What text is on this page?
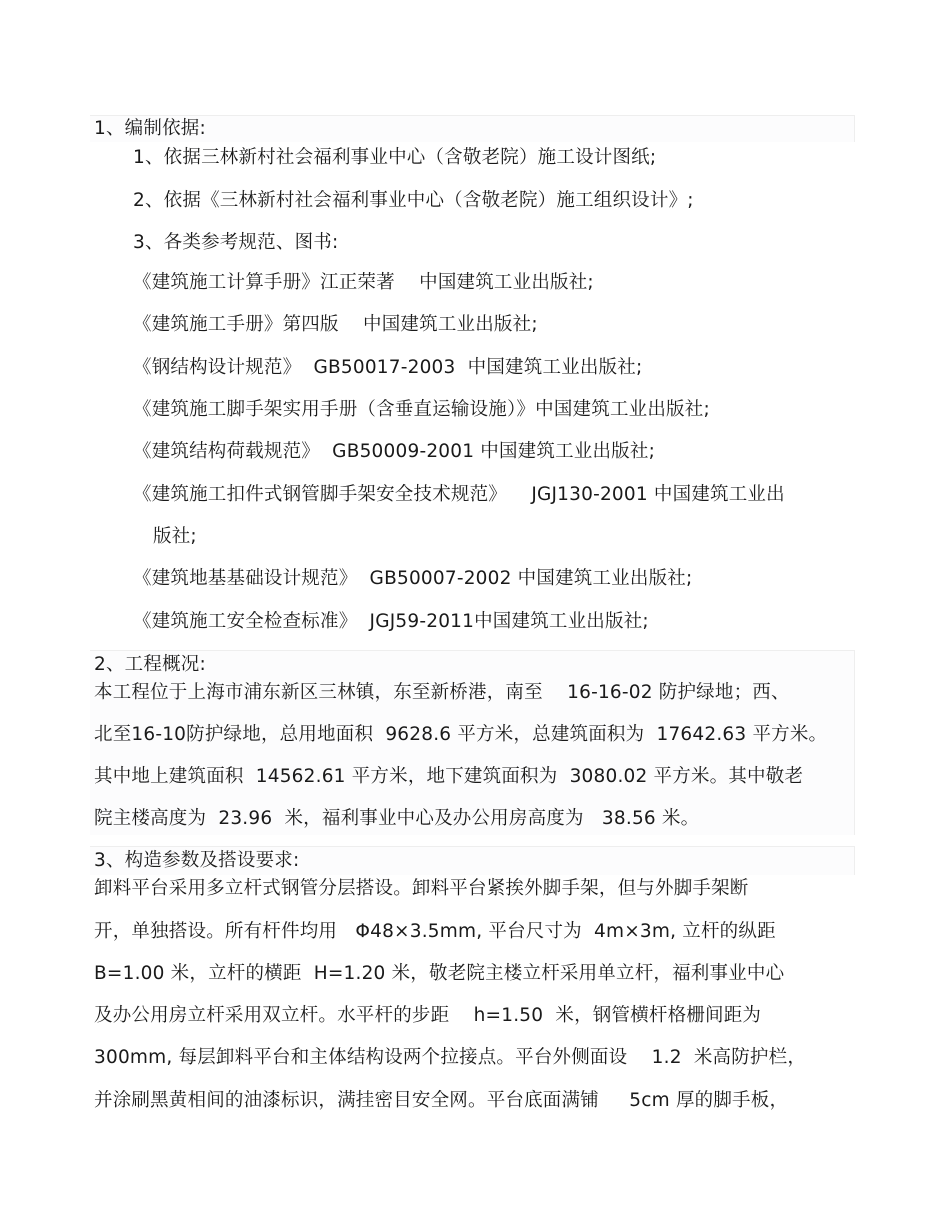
1、编制依据:
1、依据三林新村社会福利事业中心（含敬老院）施工设计图纸;
2、依据《三林新村社会福利事业中心（含敬老院）施工组织设计》;
3、各类参考规范、图书:
《建筑施工计算手册》江正荣著    中国建筑工业出版社;
《建筑施工手册》第四版    中国建筑工业出版社;
《钢结构设计规范》  GB50017-2003  中国建筑工业出版社;
《建筑施工脚手架实用手册（含垂直运输设施）》中国建筑工业出版社;
《建筑结构荷载规范》  GB50009-2001 中国建筑工业出版社;
《建筑施工扣件式钢管脚手架安全技术规范》    JGJ130-2001 中国建筑工业出
版社;
《建筑地基基础设计规范》  GB50007-2002 中国建筑工业出版社;
《建筑施工安全检查标准》  JGJ59-2011中国建筑工业出版社;
2、工程概况:
本工程位于上海市浦东新区三林镇，东至新桥港，南至    16-16-02 防护绿地；西、
北至16-10防护绿地，总用地面积  9628.6 平方米，总建筑面积为  17642.63 平方米。
其中地上建筑面积  14562.61 平方米，地下建筑面积为  3080.02 平方米。其中敬老
院主楼高度为  23.96  米，福利事业中心及办公用房高度为   38.56 米。
3、构造参数及搭设要求:
卸料平台采用多立杆式钢管分层搭设。卸料平台紧挨外脚手架，但与外脚手架断
开，单独搭设。所有杆件均用   Φ48×3.5mm, 平台尺寸为  4m×3m, 立杆的纵距
B=1.00 米，立杆的横距  H=1.20 米，敬老院主楼立杆采用单立杆，福利事业中心
及办公用房立杆采用双立杆。水平杆的步距    h=1.50  米，钢管横杆格栅间距为
300mm, 每层卸料平台和主体结构设两个拉接点。平台外侧面设    1.2  米高防护栏，
并涂刷黑黄相间的油漆标识，满挂密目安全网。平台底面满铺     5cm 厚的脚手板，
